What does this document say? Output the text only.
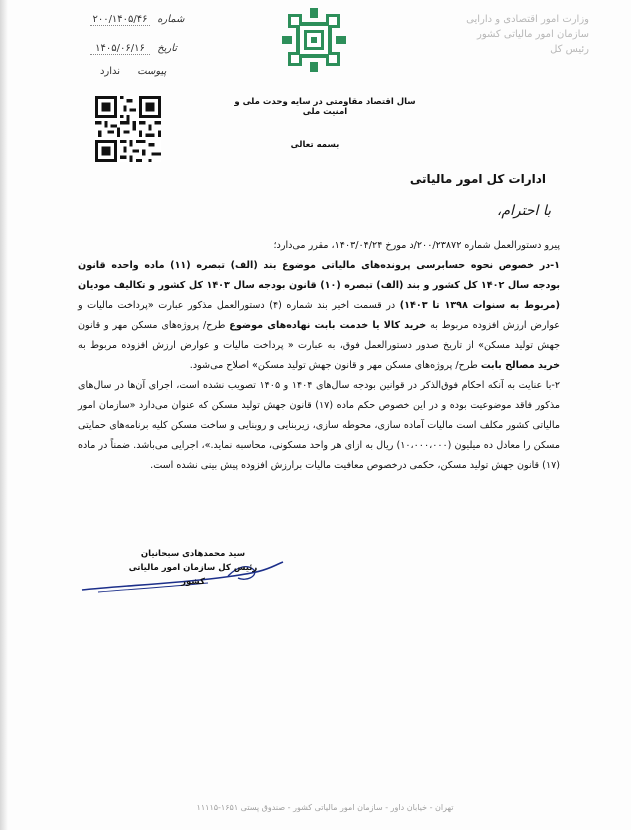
شماره ۲۰۰/۱۴۰۵/۴۶
تاریخ ۱۴۰۵/۰۶/۱۶
پیوست ندارد
وزارت امور اقتصادی و دارایی
سازمان امور مالیاتی کشور
رئیس کل
سال اقتصاد مقاومتی در سایه وحدت ملی و امنیت ملی
بسمه تعالی
ادارات کل امور مالیاتی
با احترام،

پیرو دستورالعمل شماره ۲۰۰/۲۳۸۷۲/د مورخ ۱۴۰۳/۰۴/۲۴، مقرر می‌دارد؛

۱-در خصوص نحوه حسابرسی پرونده‌های مالیاتی موضوع بند (الف) تبصره (۱۱) ماده واحده قانون بودجه سال ۱۴۰۲ کل کشور و بند (الف) تبصره (۱۰) قانون بودجه سال ۱۴۰۳ کل کشور و تکالیف مودیان (مربوط به سنوات ۱۳۹۸ تا ۱۴۰۳) در قسمت اخیر بند شماره (۴) دستورالعمل مذکور عبارت «پرداخت مالیات و عوارض ارزش افزوده مربوط به خرید کالا یا خدمت بابت نهاده‌های موضوع طرح/ پروژه‌های مسکن مهر و قانون جهش تولید مسکن» از تاریخ صدور دستورالعمل فوق، به عبارت « پرداخت مالیات و عوارض ارزش افزوده مربوط به خرید مصالح بابت طرح/ پروژه‌های مسکن مهر و قانون جهش تولید مسکن» اصلاح می‌شود.

۲-با عنایت به آنکه احکام فوق‌الذکر در قوانین بودجه سال‌های ۱۴۰۴ و ۱۴۰۵ تصویب نشده است، اجرای آن‌ها در سال‌های مذکور فاقد موضوعیت بوده و در این خصوص حکم ماده (۱۷) قانون جهش تولید مسکن که عنوان می‌دارد «سازمان امور مالیاتی کشور مکلف است مالیات آماده سازی، محوطه سازی، زیربنایی و روبنایی و ساخت مسکن کلیه برنامه‌های حمایتی مسکن را معادل ده میلیون (۱۰،۰۰۰،۰۰۰) ریال به ازای هر واحد مسکونی، محاسبه نماید.»، اجرایی می‌باشد. ضمناً در ماده (۱۷) قانون جهش تولید مسکن، حکمی درخصوص معافیت مالیات برارزش افزوده پیش بینی نشده است.

سید محمدهادی سبحانیان
رئیس کل سازمان امور مالیاتی کشور
تهران - خیابان داور - سازمان امور مالیاتی کشور - صندوق پستی ۱۶۵۱-۱۱۱۱۵
